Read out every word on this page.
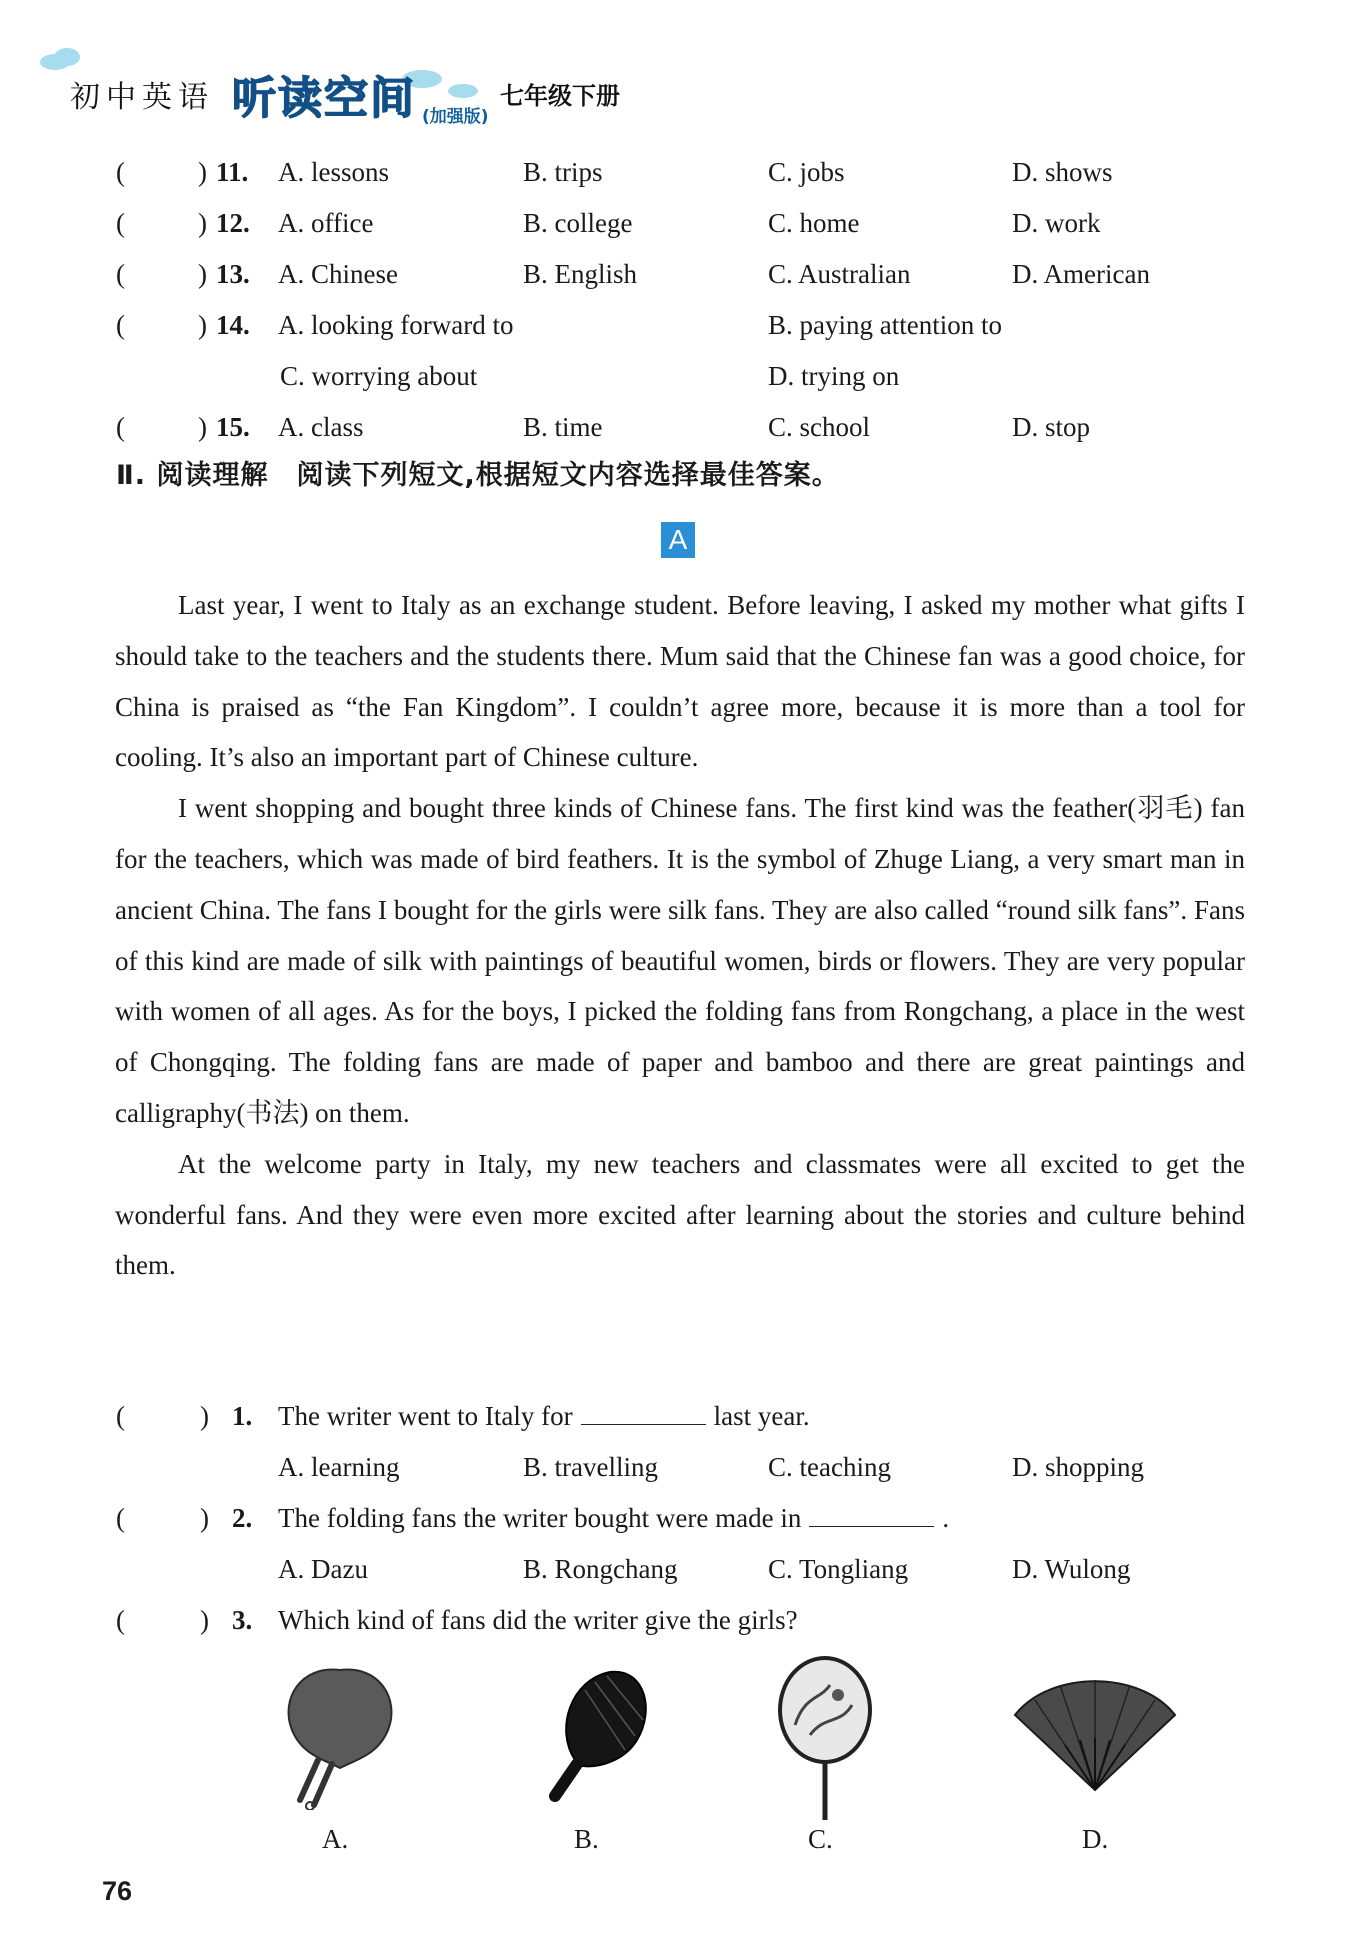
初中英语 听读空间 (加强版)
七年级下册
(	) 11. A. lessons	B. trips	C. jobs	D. shows
(	) 12. A. office	B. college	C. home	D. work
(	) 13. A. Chinese	B. English	C. Australian	D. American
(	) 14. A. looking forward to	B. paying attention to
C. worrying about	D. trying on
(	) 15. A. class	B. time	C. school	D. stop
Ⅱ. 阅读理解　阅读下列短文,根据短文内容选择最佳答案。
A

Last year, I went to Italy as an exchange student. Before leaving, I asked my mother what gifts I should take to the teachers and the students there. Mum said that the Chinese fan was a good choice, for China is praised as “the Fan Kingdom”. I couldn’t agree more, because it is more than a tool for cooling. It’s also an important part of Chinese culture.

I went shopping and bought three kinds of Chinese fans. The first kind was the feather(羽毛) fan for the teachers, which was made of bird feathers. It is the symbol of Zhuge Liang, a very smart man in ancient China. The fans I bought for the girls were silk fans. They are also called “round silk fans”. Fans of this kind are made of silk with paintings of beautiful women, birds or flowers. They are very popular with women of all ages. As for the boys, I picked the folding fans from Rongchang, a place in the west of Chongqing. The folding fans are made of paper and bamboo and there are great paintings and calligraphy(书法) on them.

At the welcome party in Italy, my new teachers and classmates were all excited to get the wonderful fans. And they were even more excited after learning about the stories and culture behind them.

(	) 1. The writer went to Italy for	last year.
A. learning	B. travelling	C. teaching	D. shopping
(	) 2. The folding fans the writer bought were made in	.
A. Dazu	B. Rongchang	C. Tongliang	D. Wulong
(	) 3. Which kind of fans did the writer give the girls?
A.	B.	C.	D.
76
